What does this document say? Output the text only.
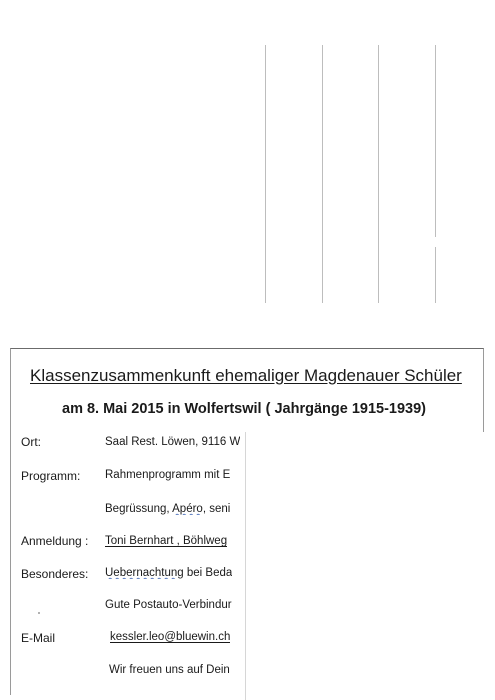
Klassenzusammenkunft ehemaliger Magdenauer Schüler
am 8. Mai 2015 in Wolfertswil ( Jahrgänge 1915-1939)
Ort:	Saal Rest. Löwen, 9116 W
Programm: Rahmenprogramm mit E
Begrüssung, Apéro, seni
Anmeldung : Toni Bernhart , Böhlweg
Besonderes: Uebernachtung bei Beda
Gute Postauto-Verbindur
E-Mail	kessler.leo@bluewin.ch
Wir freuen uns auf Dein
